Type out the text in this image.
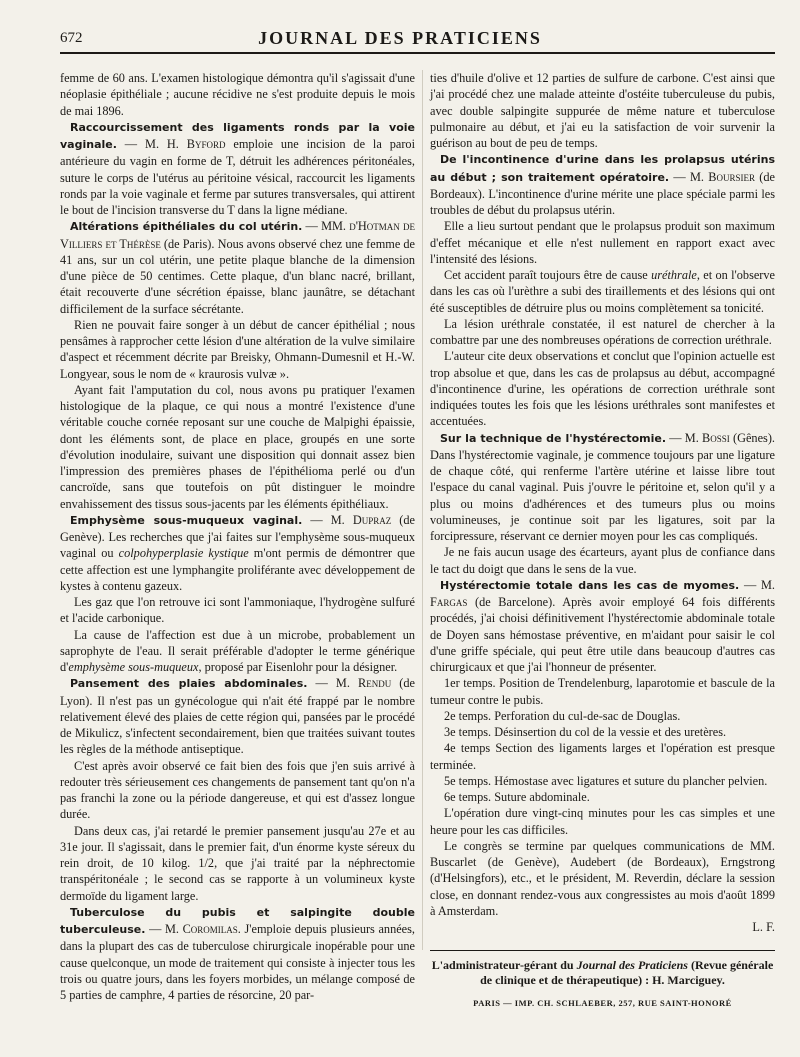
672	JOURNAL DES PRATICIENS

femme de 60 ans. L'examen histologique démontra qu'il s'agissait d'une néoplasie épithéliale ; aucune récidive ne s'est produite depuis le mois de mai 1896.

Raccourcissement des ligaments ronds par la voie vaginale. — M. H. Byford emploie une incision de la paroi antérieure du vagin en forme de T, détruit les adhérences péritonéales, suture le corps de l'utérus au péritoine vésical, raccourcit les ligaments ronds par la voie vaginale et ferme par sutures transversales, qui attirent le bout de l'incision transverse du T dans la ligne médiane.

Altérations épithéliales du col utérin. — MM. d'Hotman de Villiers et Thérèse (de Paris). Nous avons observé chez une femme de 41 ans, sur un col utérin, une petite plaque blanche de la dimension d'une pièce de 50 centimes. Cette plaque, d'un blanc nacré, brillant, était recouverte d'une sécrétion épaisse, blanc jaunâtre, se détachant difficilement de la surface sécrétante.

Rien ne pouvait faire songer à un début de cancer épithélial ; nous pensâmes à rapprocher cette lésion d'une altération de la vulve similaire d'aspect et récemment décrite par Breisky, Ohmann-Dumesnil et H.-W. Longyear, sous le nom de « kraurosis vulvæ ».

Ayant fait l'amputation du col, nous avons pu pratiquer l'examen histologique de la plaque, ce qui nous a montré l'existence d'une véritable couche cornée reposant sur une couche de Malpighi épaissie, dont les éléments sont, de place en place, groupés en une sorte d'évolution inodulaire, suivant une disposition qui donnait assez bien l'impression des premières phases de l'épithélioma perlé ou d'un cancroïde, sans que toutefois on pût distinguer le moindre envahissement des tissus sous-jacents par les éléments épithéliaux.

Emphysème sous-muqueux vaginal. — M. Dupraz (de Genève). Les recherches que j'ai faites sur l'emphysème sous-muqueux vaginal ou colpohyperplasie kystique m'ont permis de démontrer que cette affection est une lymphangite proliférante avec développement de kystes à contenu gazeux.

Les gaz que l'on retrouve ici sont l'ammoniaque, l'hydrogène sulfuré et l'acide carbonique.

La cause de l'affection est due à un microbe, probablement un saprophyte de l'eau. Il serait préférable d'adopter le terme générique d'emphysème sous-muqueux, proposé par Eisenlohr pour la désigner.

Pansement des plaies abdominales. — M. Rendu (de Lyon). Il n'est pas un gynécologue qui n'ait été frappé par le nombre relativement élevé des plaies de cette région qui, pansées par le procédé de Mikulicz, s'infectent secondairement, bien que traitées suivant toutes les règles de la méthode antiseptique.

C'est après avoir observé ce fait bien des fois que j'en suis arrivé à redouter très sérieusement ces changements de pansement tant qu'on n'a pas franchi la zone ou la période dangereuse, et qui est d'assez longue durée.

Dans deux cas, j'ai retardé le premier pansement jusqu'au 27e et au 31e jour. Il s'agissait, dans le premier fait, d'un énorme kyste séreux du rein droit, de 10 kilog. 1/2, que j'ai traité par la néphrectomie transpéritonéale ; le second cas se rapporte à un volumineux kyste dermoïde du ligament large.

Tuberculose du pubis et salpingite double tuberculeuse. — M. Coromilas. J'emploie depuis plusieurs années, dans la plupart des cas de tuberculose chirurgicale inopérable pour une cause quelconque, un mode de traitement qui consiste à injecter tous les trois ou quatre jours, dans les foyers morbides, un mélange composé de 5 parties de camphre, 4 parties de résorcine, 20 par-

ties d'huile d'olive et 12 parties de sulfure de carbone. C'est ainsi que j'ai procédé chez une malade atteinte d'ostéite tuberculeuse du pubis, avec double salpingite suppurée de même nature et tuberculose pulmonaire au début, et j'ai eu la satisfaction de voir survenir la guérison au bout de peu de temps.

De l'incontinence d'urine dans les prolapsus utérins au début ; son traitement opératoire. — M. Boursier (de Bordeaux). L'incontinence d'urine mérite une place spéciale parmi les troubles de début du prolapsus utérin.

Elle a lieu surtout pendant que le prolapsus produit son maximum d'effet mécanique et elle n'est nullement en rapport exact avec l'intensité des lésions.

Cet accident paraît toujours être de cause uréthrale, et on l'observe dans les cas où l'urèthre a subi des tiraillements et des lésions qui ont été susceptibles de détruire plus ou moins complètement sa tonicité.

La lésion uréthrale constatée, il est naturel de chercher à la combattre par une des nombreuses opérations de correction uréthrale.

L'auteur cite deux observations et conclut que l'opinion actuelle est trop absolue et que, dans les cas de prolapsus au début, accompagné d'incontinence d'urine, les opérations de correction uréthrale sont indiquées toutes les fois que les lésions uréthrales sont manifestes et accentuées.

Sur la technique de l'hystérectomie. — M. Bossi (Gênes). Dans l'hystérectomie vaginale, je commence toujours par une ligature de chaque côté, qui renferme l'artère utérine et laisse libre tout l'espace du canal vaginal. Puis j'ouvre le péritoine et, selon qu'il y a plus ou moins d'adhérences et des tumeurs plus ou moins volumineuses, je continue soit par les ligatures, soit par la forcipressure, réservant ce dernier moyen pour les cas compliqués.

Je ne fais aucun usage des écarteurs, ayant plus de confiance dans le tact du doigt que dans le sens de la vue.

Hystérectomie totale dans les cas de myomes. — M. Fargas (de Barcelone). Après avoir employé 64 fois différents procédés, j'ai choisi définitivement l'hystérectomie abdominale totale de Doyen sans hémostase préventive, en m'aidant pour saisir le col d'une griffe spéciale, qui peut être utile dans beaucoup d'autres cas chirurgicaux et que j'ai l'honneur de présenter.

1er temps. Position de Trendelenburg, laparotomie et bascule de la tumeur contre le pubis.

2e temps. Perforation du cul-de-sac de Douglas.

3e temps. Désinsertion du col de la vessie et des uretères.

4e temps Section des ligaments larges et l'opération est presque terminée.

5e temps. Hémostase avec ligatures et suture du plancher pelvien.

6e temps. Suture abdominale.

L'opération dure vingt-cinq minutes pour les cas simples et une heure pour les cas difficiles.

Le congrès se termine par quelques communications de MM. Buscarlet (de Genève), Audebert (de Bordeaux), Erngstrong (d'Helsingfors), etc., et le président, M. Reverdin, déclare la session close, en donnant rendez-vous aux congressistes au mois d'août 1899 à Amsterdam.

L. F.

L'administrateur-gérant du Journal des Praticiens (Revue générale de clinique et de thérapeutique) : H. Marciguey.
PARIS — IMP. CH. SCHLAEBER, 257, RUE SAINT-HONORÉ
